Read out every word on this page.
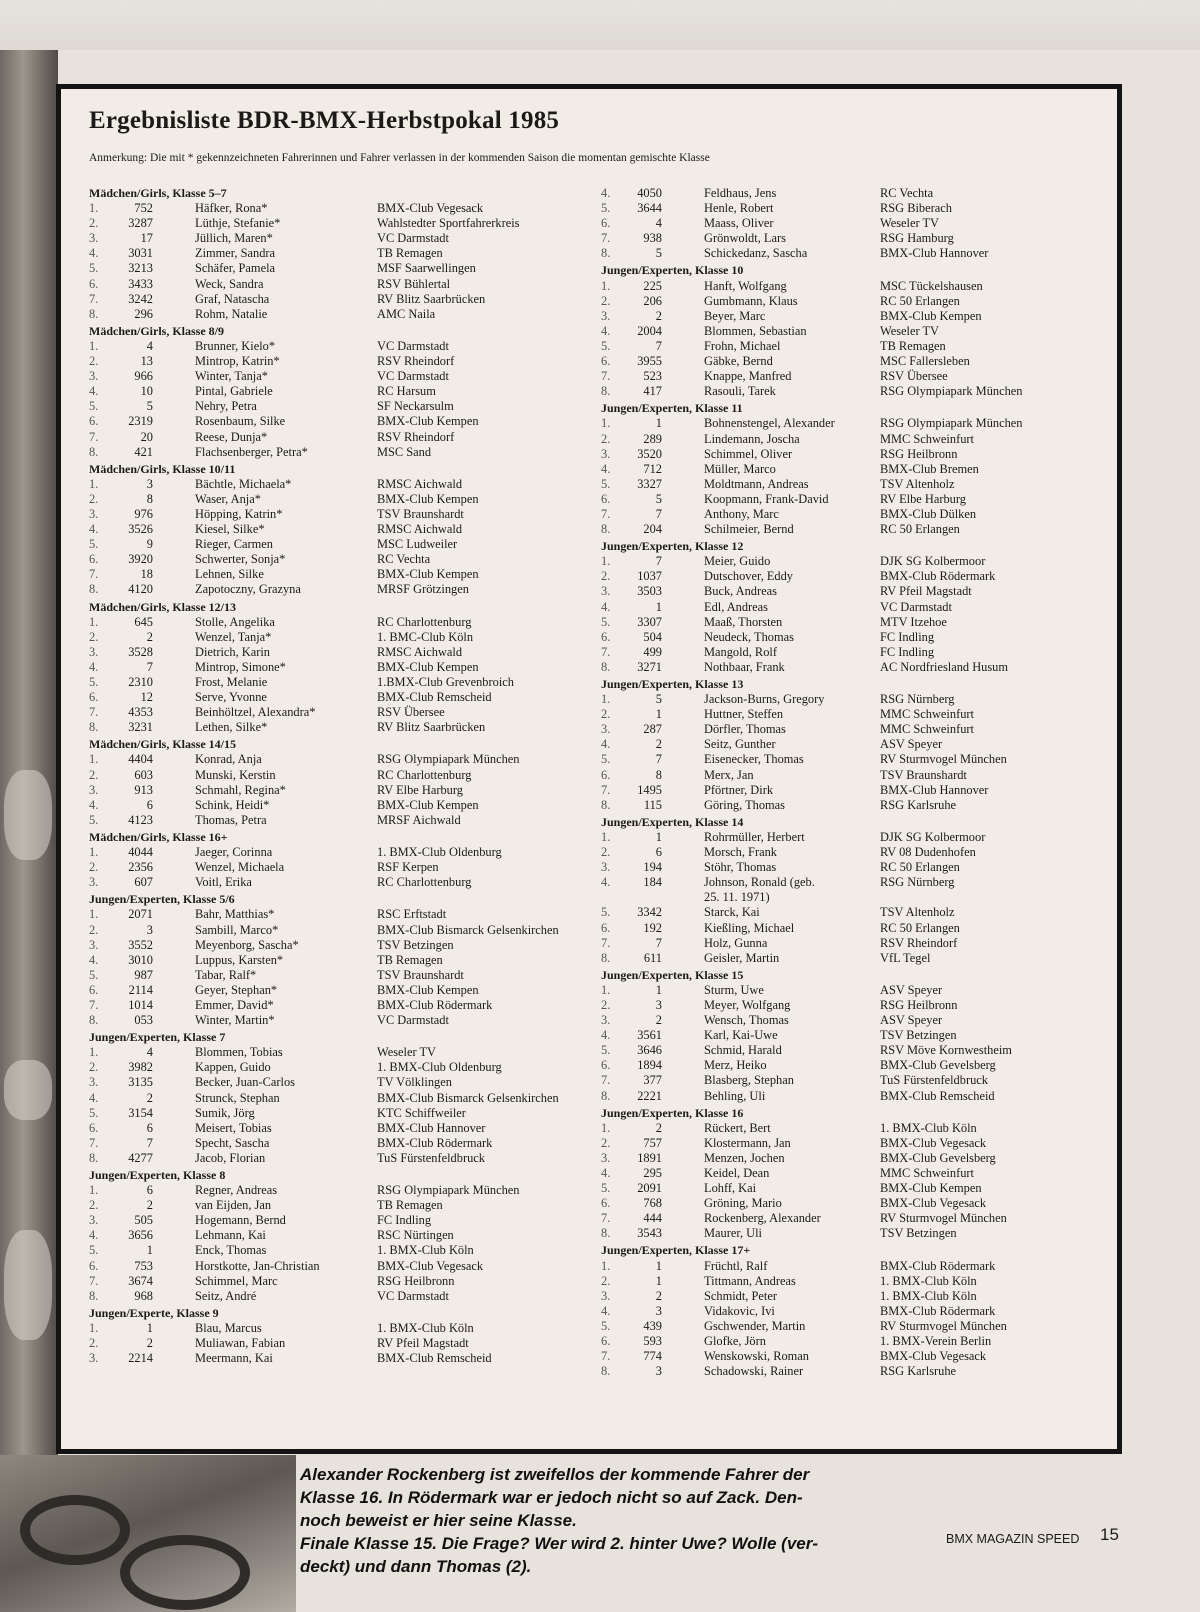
Ergebnisliste BDR-BMX-Herbstpokal 1985
Anmerkung: Die mit * gekennzeichneten Fahrerinnen und Fahrer verlassen in der kommenden Saison die momentan gemischte Klasse
Mädchen/Girls, Klasse 5–7
1.	752	Häfker, Rona*	BMX-Club Vegesack
2.	3287	Lüthje, Stefanie*	Wahlstedter Sportfahrerkreis
3.	17	Jüllich, Maren*	VC Darmstadt
4.	3031	Zimmer, Sandra	TB Remagen
5.	3213	Schäfer, Pamela	MSF Saarwellingen
6.	3433	Weck, Sandra	RSV Bühlertal
7.	3242	Graf, Natascha	RV Blitz Saarbrücken
8.	296	Rohm, Natalie	AMC Naila
Mädchen/Girls, Klasse 8/9
1.	4	Brunner, Kielo*	VC Darmstadt
2.	13	Mintrop, Katrin*	RSV Rheindorf
3.	966	Winter, Tanja*	VC Darmstadt
4.	10	Pintal, Gabriele	RC Harsum
5.	5	Nehry, Petra	SF Neckarsulm
6.	2319	Rosenbaum, Silke	BMX-Club Kempen
7.	20	Reese, Dunja*	RSV Rheindorf
8.	421	Flachsenberger, Petra*	MSC Sand
Mädchen/Girls, Klasse 10/11
1.	3	Bächtle, Michaela*	RMSC Aichwald
2.	8	Waser, Anja*	BMX-Club Kempen
3.	976	Höpping, Katrin*	TSV Braunshardt
4.	3526	Kiesel, Silke*	RMSC Aichwald
5.	9	Rieger, Carmen	MSC Ludweiler
6.	3920	Schwerter, Sonja*	RC Vechta
7.	18	Lehnen, Silke	BMX-Club Kempen
8.	4120	Zapotoczny, Grazyna	MRSF Grötzingen
Mädchen/Girls, Klasse 12/13
1.	645	Stolle, Angelika	RC Charlottenburg
2.	2	Wenzel, Tanja*	1. BMC-Club Köln
3.	3528	Dietrich, Karin	RMSC Aichwald
4.	7	Mintrop, Simone*	BMX-Club Kempen
5.	2310	Frost, Melanie	1.BMX-Club Grevenbroich
6.	12	Serve, Yvonne	BMX-Club Remscheid
7.	4353	Beinhöltzel, Alexandra*	RSV Übersee
8.	3231	Lethen, Silke*	RV Blitz Saarbrücken
Mädchen/Girls, Klasse 14/15
1.	4404	Konrad, Anja	RSG Olympiapark München
2.	603	Munski, Kerstin	RC Charlottenburg
3.	913	Schmahl, Regina*	RV Elbe Harburg
4.	6	Schink, Heidi*	BMX-Club Kempen
5.	4123	Thomas, Petra	MRSF Aichwald
Mädchen/Girls, Klasse 16+
1.	4044	Jaeger, Corinna	1. BMX-Club Oldenburg
2.	2356	Wenzel, Michaela	RSF Kerpen
3.	607	Voitl, Erika	RC Charlottenburg
Jungen/Experten, Klasse 5/6
1.	2071	Bahr, Matthias*	RSC Erftstadt
2.	3	Sambill, Marco*	BMX-Club Bismarck Gelsenkirchen
3.	3552	Meyenborg, Sascha*	TSV Betzingen
4.	3010	Luppus, Karsten*	TB Remagen
5.	987	Tabar, Ralf*	TSV Braunshardt
6.	2114	Geyer, Stephan*	BMX-Club Kempen
7.	1014	Emmer, David*	BMX-Club Rödermark
8.	053	Winter, Martin*	VC Darmstadt
Jungen/Experten, Klasse 7
1.	4	Blommen, Tobias	Weseler TV
2.	3982	Kappen, Guido	1. BMX-Club Oldenburg
3.	3135	Becker, Juan-Carlos	TV Völklingen
4.	2	Strunck, Stephan	BMX-Club Bismarck Gelsenkirchen
5.	3154	Sumik, Jörg	KTC Schiffweiler
6.	6	Meisert, Tobias	BMX-Club Hannover
7.	7	Specht, Sascha	BMX-Club Rödermark
8.	4277	Jacob, Florian	TuS Fürstenfeldbruck
Jungen/Experten, Klasse 8
1.	6	Regner, Andreas	RSG Olympiapark München
2.	2	van Eijden, Jan	TB Remagen
3.	505	Hogemann, Bernd	FC Indling
4.	3656	Lehmann, Kai	RSC Nürtingen
5.	1	Enck, Thomas	1. BMX-Club Köln
6.	753	Horstkotte, Jan-Christian	BMX-Club Vegesack
7.	3674	Schimmel, Marc	RSG Heilbronn
8.	968	Seitz, André	VC Darmstadt
Jungen/Experte, Klasse 9
1.	1	Blau, Marcus	1. BMX-Club Köln
2.	2	Muliawan, Fabian	RV Pfeil Magstadt
3.	2214	Meermann, Kai	BMX-Club Remscheid
4.	4050	Feldhaus, Jens	RC Vechta
5.	3644	Henle, Robert	RSG Biberach
6.	4	Maass, Oliver	Weseler TV
7.	938	Grönwoldt, Lars	RSG Hamburg
8.	5	Schickedanz, Sascha	BMX-Club Hannover
Jungen/Experten, Klasse 10
1.	225	Hanft, Wolfgang	MSC Tückelshausen
2.	206	Gumbmann, Klaus	RC 50 Erlangen
3.	2	Beyer, Marc	BMX-Club Kempen
4.	2004	Blommen, Sebastian	Weseler TV
5.	7	Frohn, Michael	TB Remagen
6.	3955	Gäbke, Bernd	MSC Fallersleben
7.	523	Knappe, Manfred	RSV Übersee
8.	417	Rasouli, Tarek	RSG Olympiapark München
Jungen/Experten, Klasse 11
1.	1	Bohnenstengel, Alexander	RSG Olympiapark München
2.	289	Lindemann, Joscha	MMC Schweinfurt
3.	3520	Schimmel, Oliver	RSG Heilbronn
4.	712	Müller, Marco	BMX-Club Bremen
5.	3327	Moldtmann, Andreas	TSV Altenholz
6.	5	Koopmann, Frank-David	RV Elbe Harburg
7.	7	Anthony, Marc	BMX-Club Dülken
8.	204	Schilmeier, Bernd	RC 50 Erlangen
Jungen/Experten, Klasse 12
1.	7	Meier, Guido	DJK SG Kolbermoor
2.	1037	Dutschover, Eddy	BMX-Club Rödermark
3.	3503	Buck, Andreas	RV Pfeil Magstadt
4.	1	Edl, Andreas	VC Darmstadt
5.	3307	Maaß, Thorsten	MTV Itzehoe
6.	504	Neudeck, Thomas	FC Indling
7.	499	Mangold, Rolf	FC Indling
8.	3271	Nothbaar, Frank	AC Nordfriesland Husum
Jungen/Experten, Klasse 13
1.	5	Jackson-Burns, Gregory	RSG Nürnberg
2.	1	Huttner, Steffen	MMC Schweinfurt
3.	287	Dörfler, Thomas	MMC Schweinfurt
4.	2	Seitz, Gunther	ASV Speyer
5.	7	Eisenecker, Thomas	RV Sturmvogel München
6.	8	Merx, Jan	TSV Braunshardt
7.	1495	Pförtner, Dirk	BMX-Club Hannover
8.	115	Göring, Thomas	RSG Karlsruhe
Jungen/Experten, Klasse 14
1.	1	Rohrmüller, Herbert	DJK SG Kolbermoor
2.	6	Morsch, Frank	RV 08 Dudenhofen
3.	194	Stöhr, Thomas	RC 50 Erlangen
4.	184	Johnson, Ronald (geb.	RSG Nürnberg
25. 11. 1971)
5.	3342	Starck, Kai	TSV Altenholz
6.	192	Kießling, Michael	RC 50 Erlangen
7.	7	Holz, Gunna	RSV Rheindorf
8.	611	Geisler, Martin	VfL Tegel
Jungen/Experten, Klasse 15
1.	1	Sturm, Uwe	ASV Speyer
2.	3	Meyer, Wolfgang	RSG Heilbronn
3.	2	Wensch, Thomas	ASV Speyer
4.	3561	Karl, Kai-Uwe	TSV Betzingen
5.	3646	Schmid, Harald	RSV Möve Kornwestheim
6.	1894	Merz, Heiko	BMX-Club Gevelsberg
7.	377	Blasberg, Stephan	TuS Fürstenfeldbruck
8.	2221	Behling, Uli	BMX-Club Remscheid
Jungen/Experten, Klasse 16
1.	2	Rückert, Bert	1. BMX-Club Köln
2.	757	Klostermann, Jan	BMX-Club Vegesack
3.	1891	Menzen, Jochen	BMX-Club Gevelsberg
4.	295	Keidel, Dean	MMC Schweinfurt
5.	2091	Lohff, Kai	BMX-Club Kempen
6.	768	Gröning, Mario	BMX-Club Vegesack
7.	444	Rockenberg, Alexander	RV Sturmvogel München
8.	3543	Maurer, Uli	TSV Betzingen
Jungen/Experten, Klasse 17+
1.	1	Früchtl, Ralf	BMX-Club Rödermark
2.	1	Tittmann, Andreas	1. BMX-Club Köln
3.	2	Schmidt, Peter	1. BMX-Club Köln
4.	3	Vidakovic, Ivi	BMX-Club Rödermark
5.	439	Gschwender, Martin	RV Sturmvogel München
6.	593	Glofke, Jörn	1. BMX-Verein Berlin
7.	774	Wenskowski, Roman	BMX-Club Vegesack
8.	3	Schadowski, Rainer	RSG Karlsruhe
Alexander Rockenberg ist zweifellos der kommende Fahrer der
Klasse 16. In Rödermark war er jedoch nicht so auf Zack. Den-
noch beweist er hier seine Klasse.
Finale Klasse 15. Die Frage? Wer wird 2. hinter Uwe? Wolle (ver-
deckt) und dann Thomas (2).
BMX MAGAZIN SPEED 15
